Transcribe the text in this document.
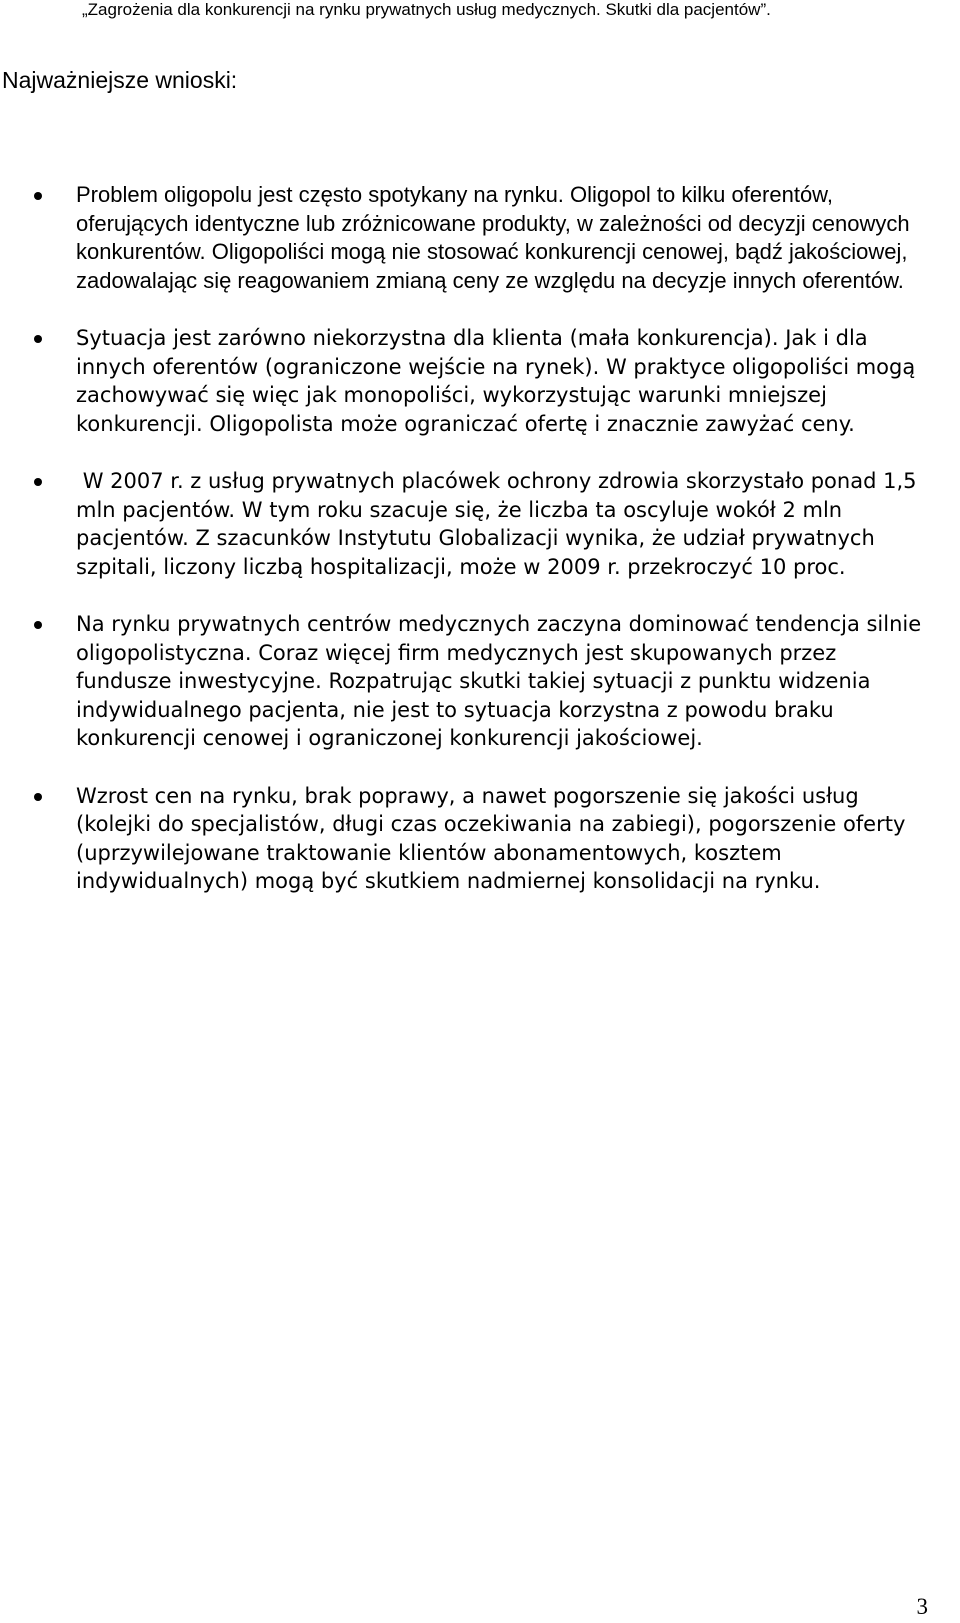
„Zagrożenia dla konkurencji na rynku prywatnych usług medycznych. Skutki dla pacjentów”.
Najważniejsze wnioski:
Problem oligopolu jest często spotykany na rynku. Oligopol to kilku oferentów, oferujących identyczne lub zróżnicowane produkty, w zależności od decyzji cenowych konkurentów. Oligopoliści mogą nie stosować konkurencji cenowej, bądź jakościowej, zadowalając się reagowaniem zmianą ceny ze względu na decyzje innych oferentów.
Sytuacja jest zarówno niekorzystna dla klienta (mała konkurencja). Jak i dla innych oferentów (ograniczone wejście na rynek). W praktyce oligopoliści mogą zachowywać się więc jak monopoliści, wykorzystując warunki mniejszej konkurencji. Oligopolista może ograniczać ofertę i znacznie zawyżać ceny.
W 2007 r. z usług prywatnych placówek ochrony zdrowia skorzystało ponad 1,5 mln pacjentów. W tym roku szacuje się, że liczba ta oscyluje wokół 2 mln pacjentów. Z szacunków Instytutu Globalizacji wynika, że udział prywatnych szpitali, liczony liczbą hospitalizacji, może w 2009 r. przekroczyć 10 proc.
Na rynku prywatnych centrów medycznych zaczyna dominować tendencja silnie oligopolistyczna. Coraz więcej firm medycznych jest skupowanych przez fundusze inwestycyjne. Rozpatrując skutki takiej sytuacji z punktu widzenia indywidualnego pacjenta, nie jest to sytuacja korzystna z powodu braku konkurencji cenowej i ograniczonej konkurencji jakościowej.
Wzrost cen na rynku, brak poprawy, a nawet pogorszenie się jakości usług (kolejki do specjalistów, długi czas oczekiwania na zabiegi), pogorszenie oferty (uprzywilejowane traktowanie klientów abonamentowych, kosztem indywidualnych) mogą być skutkiem nadmiernej konsolidacji na rynku.
3
